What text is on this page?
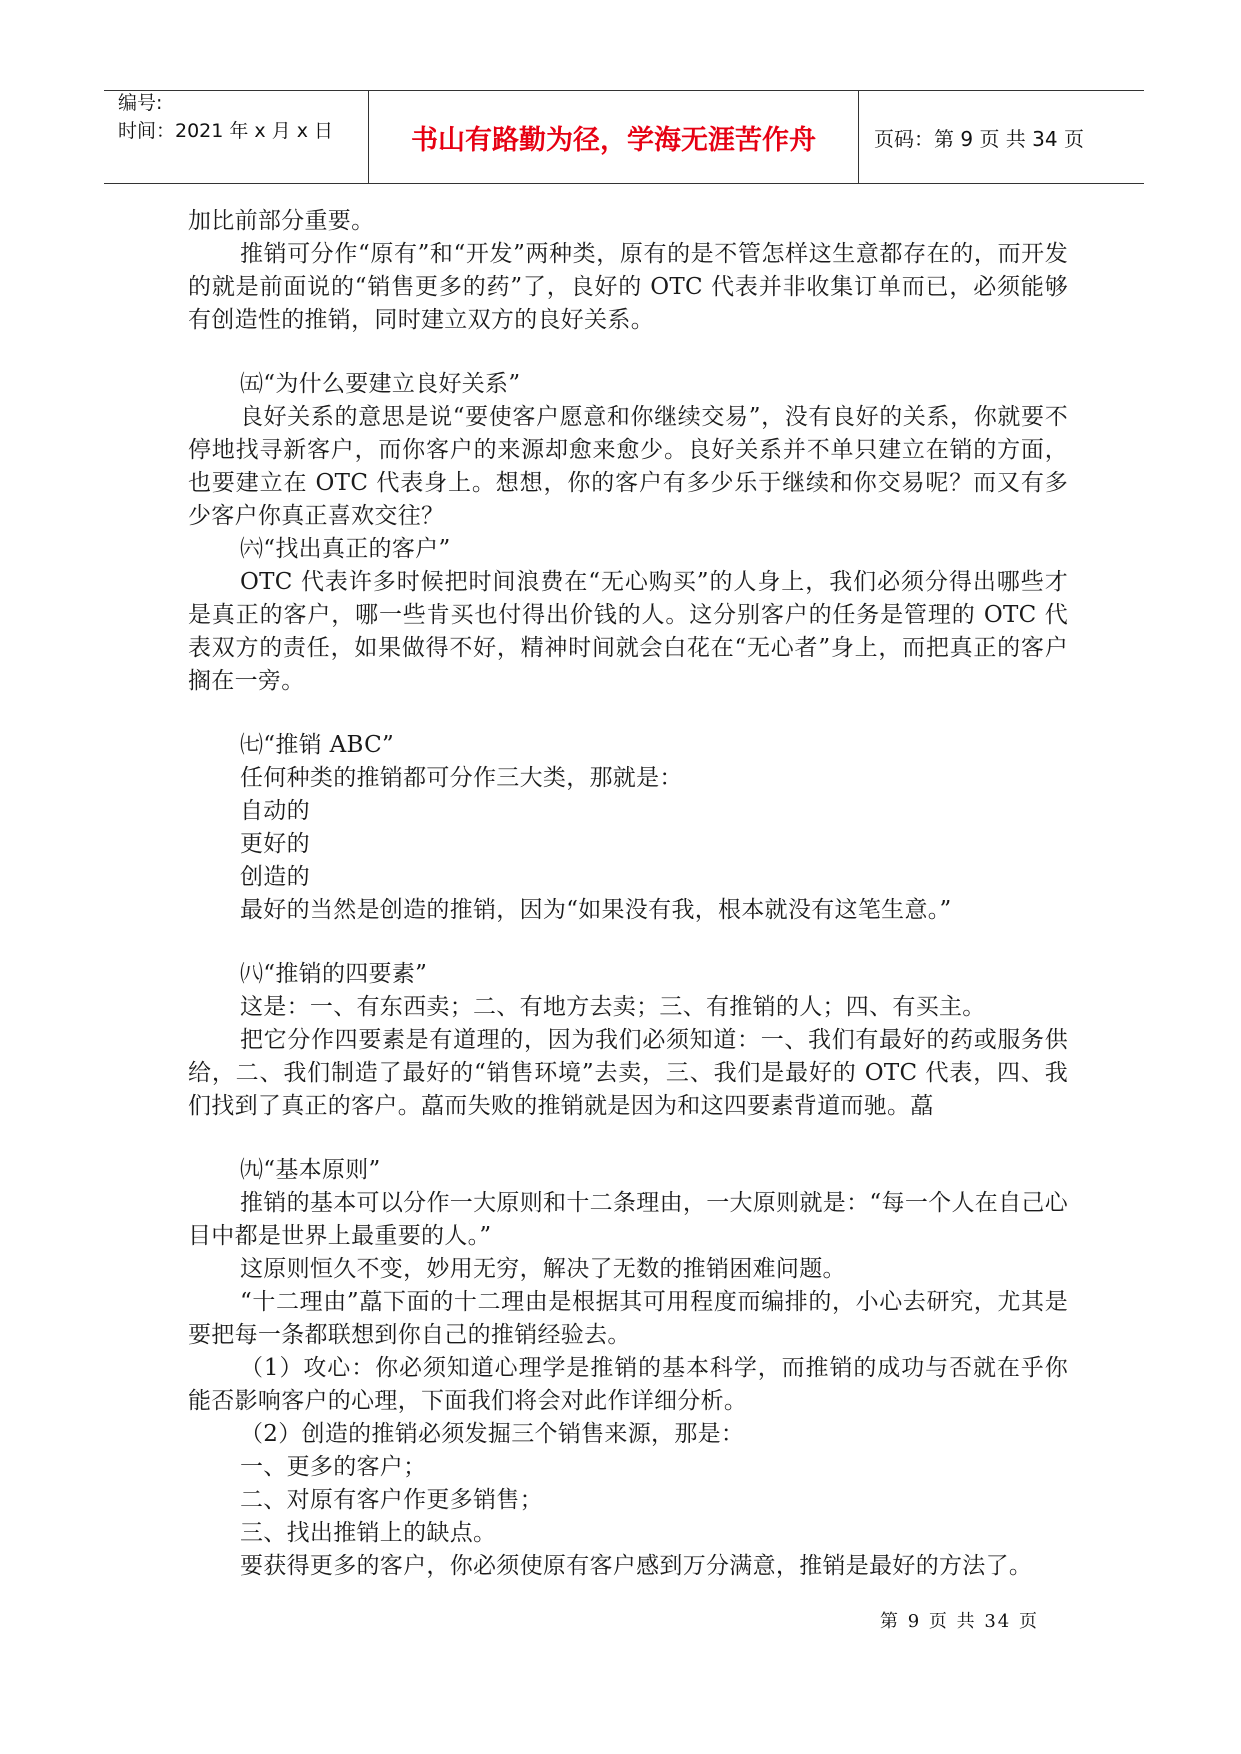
编号:
时间：2021 年 x 月 x 日	书山有路勤为径，学海无涯苦作舟	页码：第 9 页 共 34 页

加比前部分重要。

推销可分作“原有”和“开发”两种类，原有的是不管怎样这生意都存在的，而开发的就是前面说的“销售更多的药”了，良好的 OTC 代表并非收集订单而已，必须能够有创造性的推销，同时建立双方的良好关系。

㈤“为什么要建立良好关系”

良好关系的意思是说“要使客户愿意和你继续交易”，没有良好的关系，你就要不停地找寻新客户，而你客户的来源却愈来愈少。良好关系并不单只建立在销的方面，也要建立在 OTC 代表身上。想想，你的客户有多少乐于继续和你交易呢？而又有多少客户你真正喜欢交往？

㈥“找出真正的客户”

OTC 代表许多时候把时间浪费在“无心购买”的人身上，我们必须分得出哪些才是真正的客户，哪一些肯买也付得出价钱的人。这分别客户的任务是管理的 OTC 代表双方的责任，如果做得不好，精神时间就会白花在“无心者”身上，而把真正的客户搁在一旁。

㈦“推销 ABC”

任何种类的推销都可分作三大类，那就是：

自动的

更好的

创造的

最好的当然是创造的推销，因为“如果没有我，根本就没有这笔生意。”

㈧“推销的四要素”

这是：一、有东西卖；二、有地方去卖；三、有推销的人；四、有买主。

把它分作四要素是有道理的，因为我们必须知道：一、我们有最好的药或服务供给，二、我们制造了最好的“销售环境”去卖，三、我们是最好的 OTC 代表，四、我们找到了真正的客户。藠而失败的推销就是因为和这四要素背道而驰。藠

㈨“基本原则”

推销的基本可以分作一大原则和十二条理由，一大原则就是：“每一个人在自己心目中都是世界上最重要的人。”

这原则恒久不变，妙用无穷，解决了无数的推销困难问题。

“十二理由”藠下面的十二理由是根据其可用程度而编排的，小心去研究，尤其是要把每一条都联想到你自己的推销经验去。

（1）攻心：你必须知道心理学是推销的基本科学，而推销的成功与否就在乎你能否影响客户的心理，下面我们将会对此作详细分析。

（2）创造的推销必须发掘三个销售来源，那是：

一、更多的客户；

二、对原有客户作更多销售；

三、找出推销上的缺点。

要获得更多的客户，你必须使原有客户感到万分满意，推销是最好的方法了。

第 9 页 共 34 页
